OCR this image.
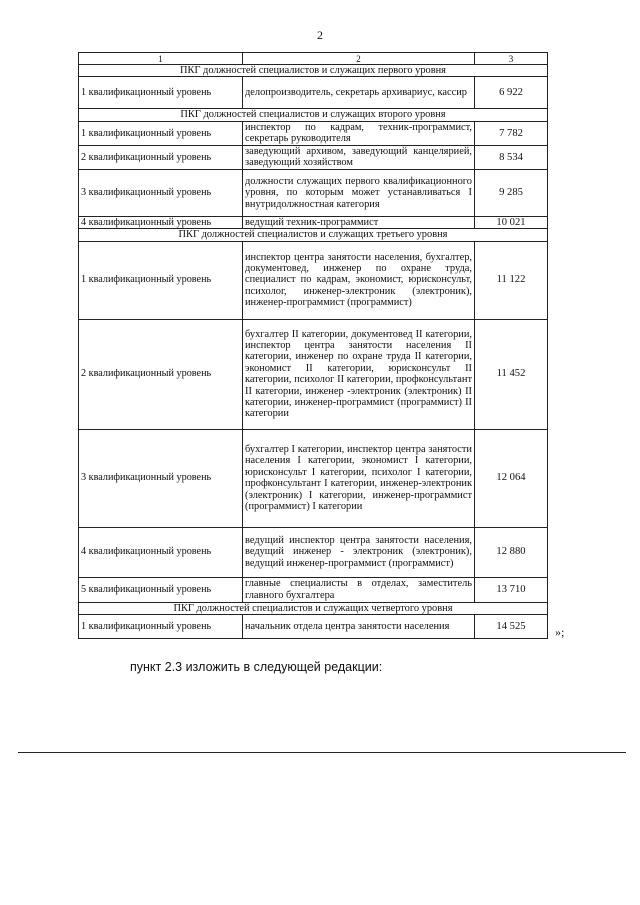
2
1	2	3
ПКГ должностей специалистов и служащих первого уровня		
1 квалификационный уровень	делопроизводитель, секретарь архивариус, кассир	6 922
ПКГ должностей специалистов и служащих второго уровня		
1 квалификационный уровень	инспектор по кадрам, техник-программист, секретарь руководителя	7 782
2 квалификационный уровень	заведующий архивом, заведующий канцелярией, заведующий хозяйством	8 534
3 квалификационный уровень	должности служащих первого квалификационного уровня, по которым может устанавливаться I внутридолжностная категория	9 285
4 квалификационный уровень	ведущий техник-программист	10 021
ПКГ должностей специалистов и служащих третьего уровня		
1 квалификационный уровень	инспектор центра занятости населения, бухгалтер, документовед, инженер по охране труда, специалист по кадрам, экономист, юрисконсульт, психолог, инженер-электроник (электроник), инженер-программист (программист)	11 122
2 квалификационный уровень	бухгалтер II категории, документовед II категории, инспектор центра занятости населения II категории, инженер по охране труда II категории, экономист II категории, юрисконсульт II категории, психолог II категории, профконсультант II категории, инженер -электроник (электроник) II категории, инженер-программист (программист) II категории	11 452
3 квалификационный уровень	бухгалтер I категории, инспектор центра занятости населения I категории, экономист I категории, юрисконсульт I категории, психолог I категории, профконсультант I категории, инженер-электроник (электроник) I категории, инженер-программист (программист) I категории	12 064
4 квалификационный уровень	ведущий инспектор центра занятости населения, ведущий инженер - электроник (электроник), ведущий инженер-программист (программист)	12 880
5 квалификационный уровень	главные специалисты в отделах, заместитель главного бухгалтера	13 710
ПКГ должностей специалистов и служащих четвертого уровня		
1 квалификационный уровень	начальник отдела центра занятости населения	14 525 »;
пункт 2.3 изложить в следующей редакции:
